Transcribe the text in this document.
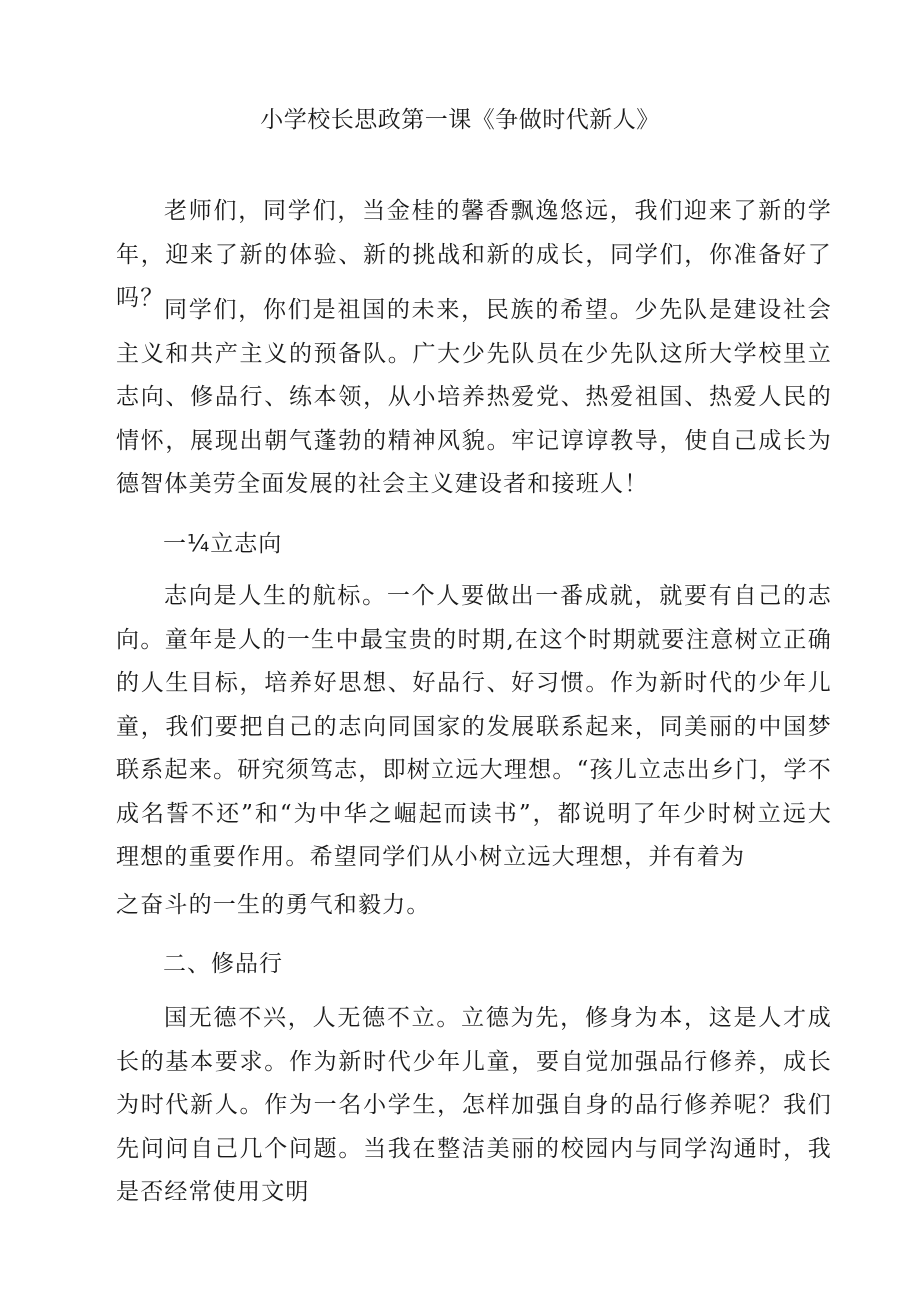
小学校长思政第一课《争做时代新人》

老师们，同学们，当金桂的馨香飘逸悠远，我们迎来了新的学年，迎来了新的体验、新的挑战和新的成长，同学们，你准备好了吗？ 同学们，你们是祖国的未来，民族的希望。少先队是建设社会主义和共产主义的预备队。广大少先队员在少先队这所大学校里立志向、修品行、练本领，从小培养热爱党、热爱祖国、热爱人民的情怀，展现出朝气蓬勃的精神风貌。牢记谆谆教导，使自己成长为德智体美劳全面发展的社会主义建设者和接班人！

一¼立志向

志向是人生的航标。一个人要做出一番成就，就要有自己的志向。童年是人的一生中最宝贵的时期,在这个时期就要注意树立正确的人生目标，培养好思想、好品行、好习惯。作为新时代的少年儿童，我们要把自己的志向同国家的发展联系起来，同美丽的中国梦联系起来。研究须笃志，即树立远大理想。“孩儿立志出乡门，学不成名誓不还”和“为中华之崛起而读书”，都说明了年少时树立远大理想的重要作用。希望同学们从小树立远大理想，并有着为

之奋斗的一生的勇气和毅力。

二、修品行

国无德不兴，人无德不立。立德为先，修身为本，这是人才成长的基本要求。作为新时代少年儿童，要自觉加强品行修养，成长为时代新人。作为一名小学生，怎样加强自身的品行修养呢？我们先问问自己几个问题。当我在整洁美丽的校园内与同学沟通时，我是否经常使用文明
